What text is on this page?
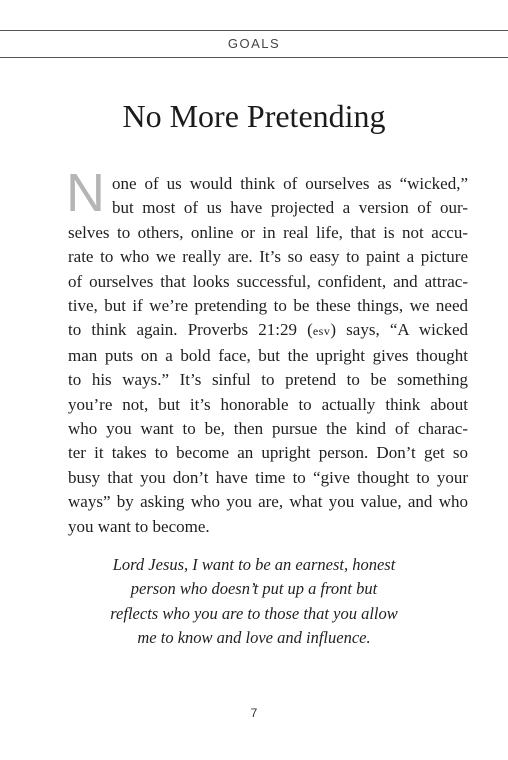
GOALS
No More Pretending
N one of us would think of ourselves as “wicked,”
but most of us have projected a version of our-
selves to others, online or in real life, that is not accu-
rate to who we really are. It’s so easy to paint a picture
of ourselves that looks successful, confident, and attrac-
tive, but if we’re pretending to be these things, we need
to think again. Proverbs 21:29 (esv) says, “A wicked
man puts on a bold face, but the upright gives thought
to his ways.” It’s sinful to pretend to be something
you’re not, but it’s honorable to actually think about
who you want to be, then pursue the kind of charac-
ter it takes to become an upright person. Don’t get so
busy that you don’t have time to “give thought to your
ways” by asking who you are, what you value, and who
you want to become.
Lord Jesus, I want to be an earnest, honest
person who doesn’t put up a front but
reflects who you are to those that you allow
me to know and love and influence.
7
